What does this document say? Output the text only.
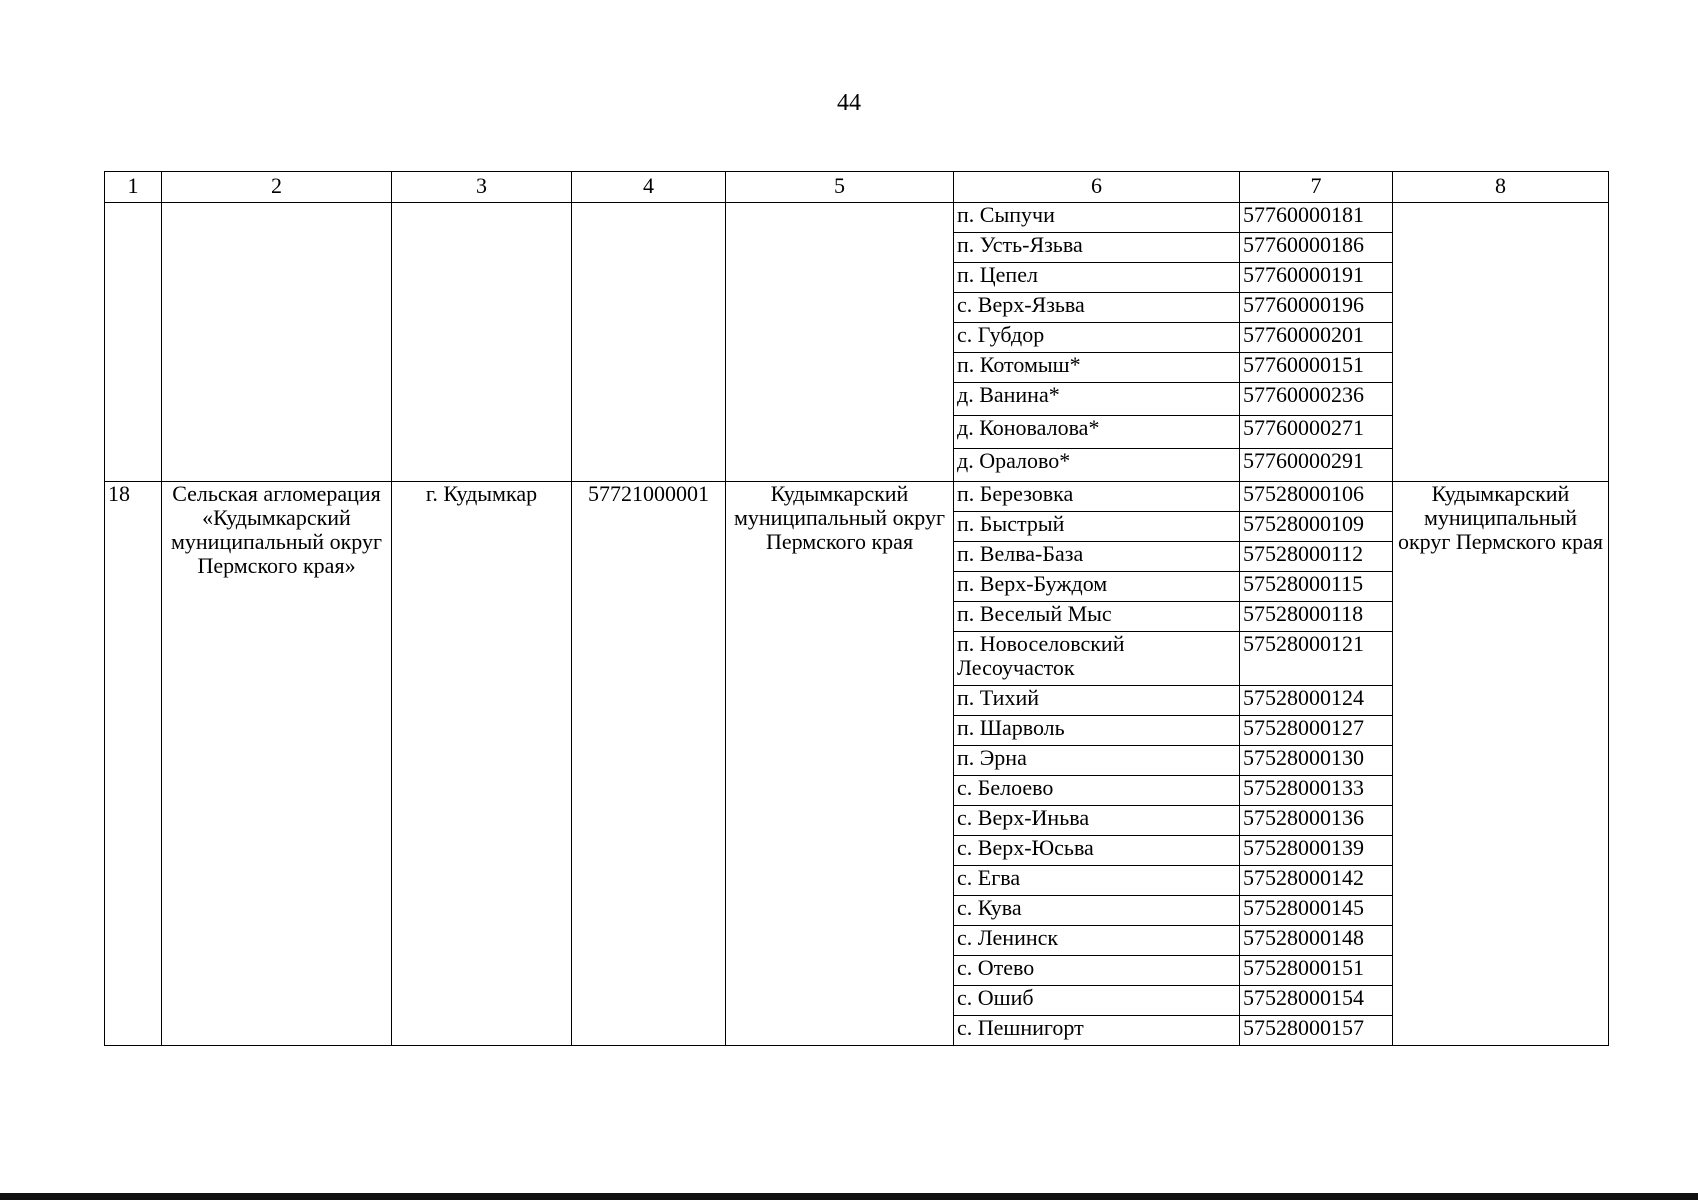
44
1	2	3	4	5	6	7	8
					п. Сыпучи	57760000181	
					п. Усть-Язьва	57760000186	
					п. Цепел	57760000191	
					с. Верх-Язьва	57760000196	
					с. Губдор	57760000201	
					п. Котомыш*	57760000151	
					д. Ванина*	57760000236	
					д. Коновалова*	57760000271	
					д. Оралово*	57760000291	
18	Сельская агломерация «Кудымкарский муниципальный округ Пермского края»	г. Кудымкар	57721000001	Кудымкарский муниципальный округ Пермского края	п. Березовка	57528000106	Кудымкарский муниципальный округ Пермского края
					п. Быстрый	57528000109	
					п. Велва-База	57528000112	
					п. Верх-Буждом	57528000115	
					п. Веселый Мыс	57528000118	
					п. Новоселовский Лесоучасток	57528000121	
					п. Тихий	57528000124	
					п. Шарволь	57528000127	
					п. Эрна	57528000130	
					с. Белоево	57528000133	
					с. Верх-Иньва	57528000136	
					с. Верх-Юсьва	57528000139	
					с. Егва	57528000142	
					с. Кува	57528000145	
					с. Ленинск	57528000148	
					с. Отево	57528000151	
					с. Ошиб	57528000154	
					с. Пешнигорт	57528000157	
